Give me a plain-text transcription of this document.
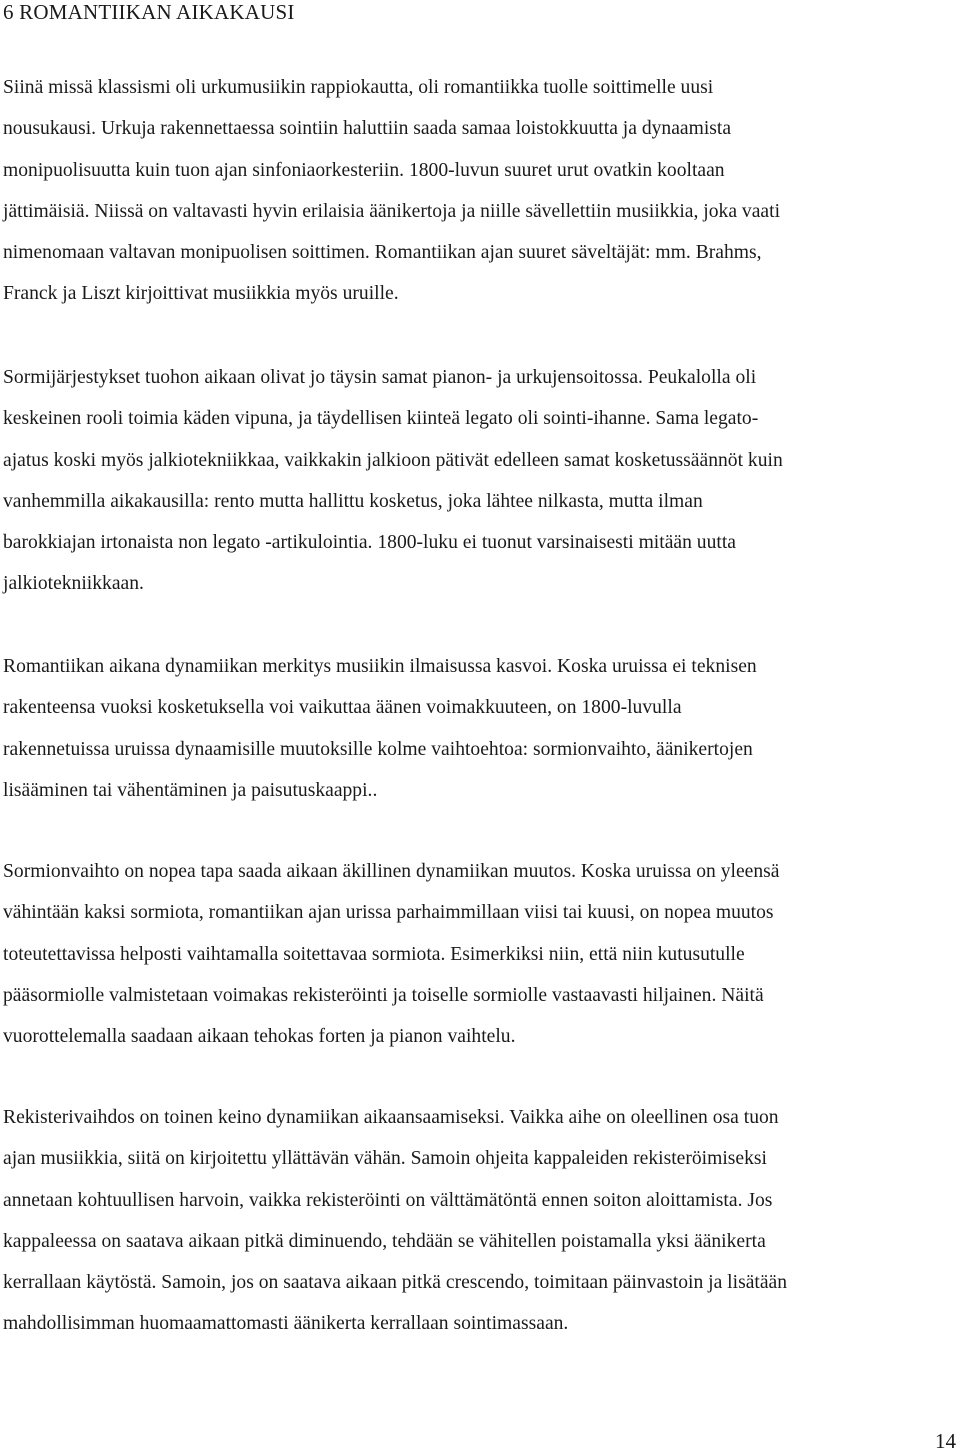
6 ROMANTIIKAN AIKAKAUSI

Siinä missä klassismi oli urkumusiikin rappiokautta, oli romantiikka tuolle soittimelle uusi
nousukausi. Urkuja rakennettaessa sointiin haluttiin saada samaa loistokkuutta ja dynaamista
monipuolisuutta kuin tuon ajan sinfoniaorkesteriin. 1800-luvun suuret urut ovatkin kooltaan
jättimäisiä. Niissä on valtavasti hyvin erilaisia äänikertoja ja niille sävellettiin musiikkia, joka vaati
nimenomaan valtavan monipuolisen soittimen. Romantiikan ajan suuret säveltäjät: mm. Brahms,
Franck ja Liszt kirjoittivat musiikkia myös uruille.

Sormijärjestykset tuohon aikaan olivat jo täysin samat pianon- ja urkujensoitossa. Peukalolla oli
keskeinen rooli toimia käden vipuna, ja täydellisen kiinteä legato oli sointi-ihanne. Sama legato-
ajatus koski myös jalkiotekniikkaa, vaikkakin jalkioon pätivät edelleen samat kosketussäännöt kuin
vanhemmilla aikakausilla: rento mutta hallittu kosketus, joka lähtee nilkasta, mutta ilman
barokkiajan irtonaista non legato -artikulointia. 1800-luku ei tuonut varsinaisesti mitään uutta
jalkiotekniikkaan.

Romantiikan aikana dynamiikan merkitys musiikin ilmaisussa kasvoi. Koska uruissa ei teknisen
rakenteensa vuoksi kosketuksella voi vaikuttaa äänen voimakkuuteen, on 1800-luvulla
rakennetuissa uruissa dynaamisille muutoksille kolme vaihtoehtoa: sormionvaihto, äänikertojen
lisääminen tai vähentäminen ja paisutuskaappi..

Sormionvaihto on nopea tapa saada aikaan äkillinen dynamiikan muutos. Koska uruissa on yleensä
vähintään kaksi sormiota, romantiikan ajan urissa parhaimmillaan viisi tai kuusi, on nopea muutos
toteutettavissa helposti vaihtamalla soitettavaa sormiota. Esimerkiksi niin, että niin kutusutulle
pääsormiolle valmistetaan voimakas rekisteröinti ja toiselle sormiolle vastaavasti hiljainen. Näitä
vuorottelemalla saadaan aikaan tehokas forten ja pianon vaihtelu.

Rekisterivaihdos on toinen keino dynamiikan aikaansaamiseksi. Vaikka aihe on oleellinen osa tuon
ajan musiikkia, siitä on kirjoitettu yllättävän vähän. Samoin ohjeita kappaleiden rekisteröimiseksi
annetaan kohtuullisen harvoin, vaikka rekisteröinti on välttämätöntä ennen soiton aloittamista. Jos
kappaleessa on saatava aikaan pitkä diminuendo, tehdään se vähitellen poistamalla yksi äänikerta
kerrallaan käytöstä. Samoin, jos on saatava aikaan pitkä crescendo, toimitaan päinvastoin ja lisätään
mahdollisimman huomaamattomasti äänikerta kerrallaan sointimassaan.

14
